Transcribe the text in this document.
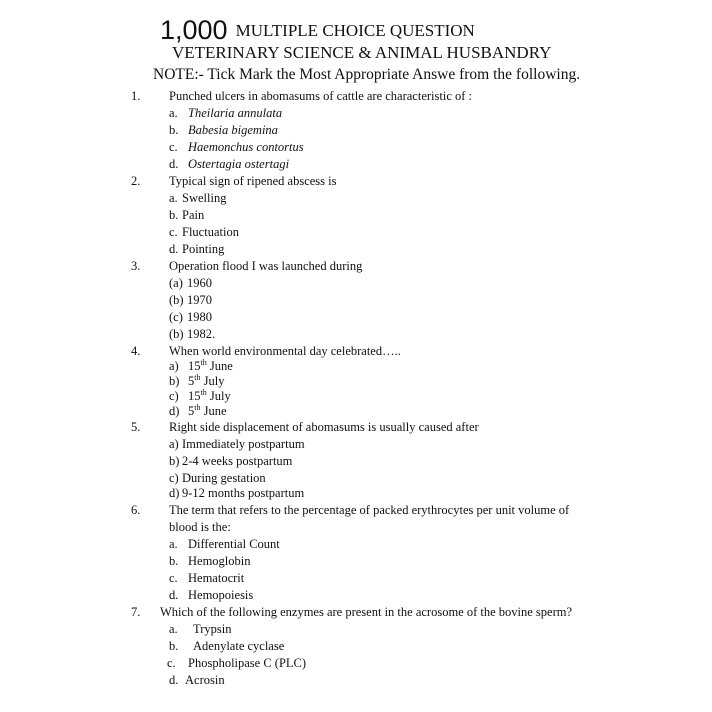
1,000 MULTIPLE CHOICE QUESTION
VETERINARY SCIENCE & ANIMAL HUSBANDRY
NOTE:- Tick Mark the Most Appropriate Answe from the following.
1. Punched ulcers in abomasums of cattle are characteristic of :
a. Theilaria annulata
b. Babesia bigemina
c. Haemonchus contortus
d. Ostertagia ostertagi
2. Typical sign of ripened abscess is
a. Swelling
b. Pain
c. Fluctuation
d. Pointing
3. Operation flood I was launched during
(a) 1960
(b) 1970
(c) 1980
(b) 1982.
4. When world environmental day celebrated…..
a) 15th June
b) 5th July
c) 15th July
d) 5th June
5. Right side displacement of abomasums is usually caused after
a) Immediately postpartum
b) 2-4 weeks postpartum
c) During gestation
d) 9-12 months postpartum
6. The term that refers to the percentage of packed erythrocytes per unit volume of
blood is the:
a. Differential Count
b. Hemoglobin
c. Hematocrit
d. Hemopoiesis
7. Which of the following enzymes are present in the acrosome of the bovine sperm?
a. Trypsin
b. Adenylate cyclase
c. Phospholipase C (PLC)
d. Acrosin
